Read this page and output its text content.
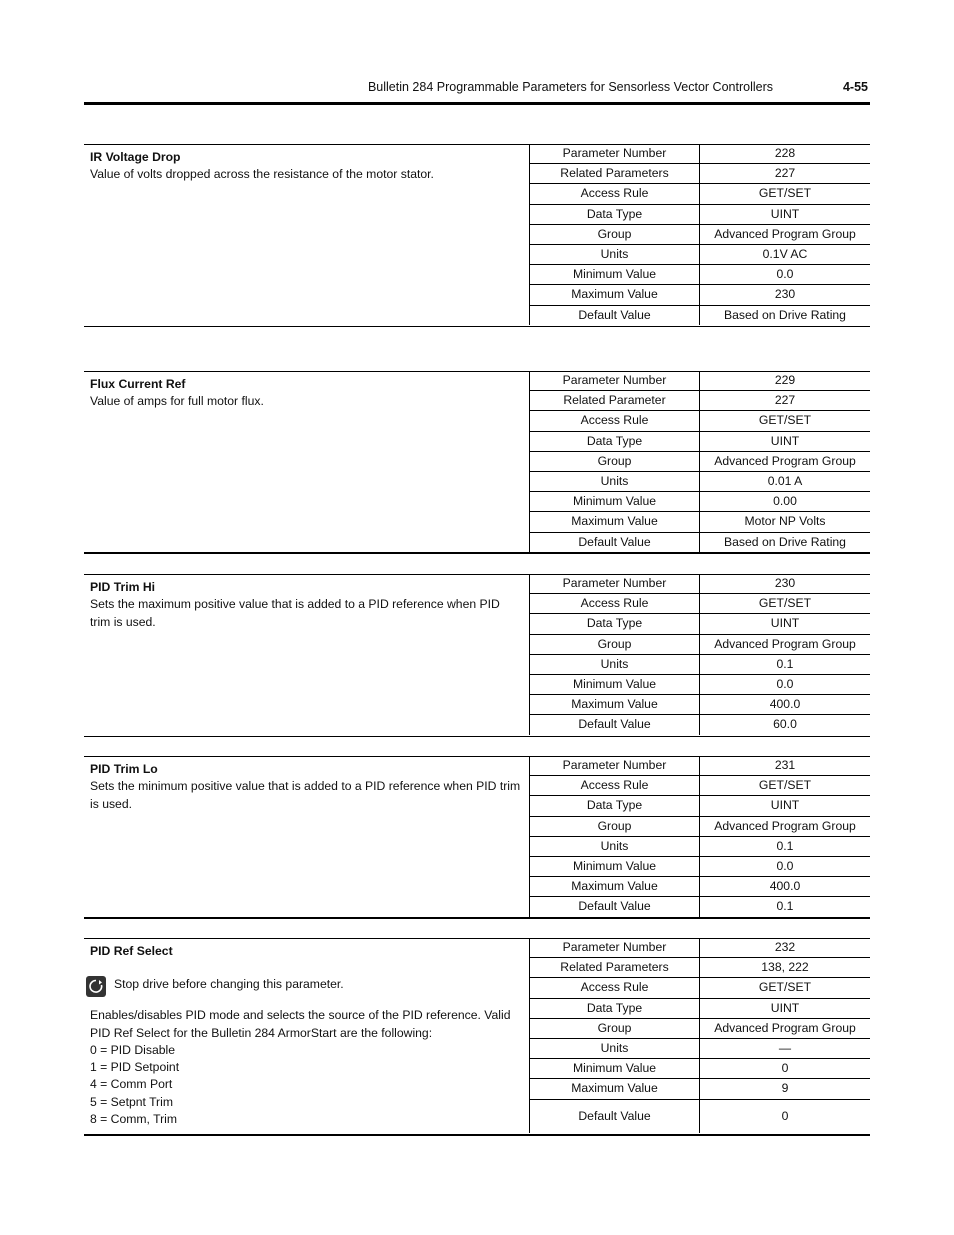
Bulletin 284 Programmable Parameters for Sensorless Vector Controllers	4-55
IR Voltage Drop

Value of volts dropped across the resistance of the motor stator.

Parameter Number	228
Related Parameters	227
Access Rule	GET/SET
Data Type	UINT
Group	Advanced Program Group
Units	0.1V AC
Minimum Value	0.0
Maximum Value	230
Default Value	Based on Drive Rating
Flux Current Ref

Value of amps for full motor flux.

Parameter Number	229
Related Parameter	227
Access Rule	GET/SET
Data Type	UINT
Group	Advanced Program Group
Units	0.01 A
Minimum Value	0.00
Maximum Value	Motor NP Volts
Default Value	Based on Drive Rating
PID Trim Hi

Sets the maximum positive value that is added to a PID reference when PID trim is used.

Parameter Number	230
Access Rule	GET/SET
Data Type	UINT
Group	Advanced Program Group
Units	0.1
Minimum Value	0.0
Maximum Value	400.0
Default Value	60.0
PID Trim Lo

Sets the minimum positive value that is added to a PID reference when PID trim is used.

Parameter Number	231
Access Rule	GET/SET
Data Type	UINT
Group	Advanced Program Group
Units	0.1
Minimum Value	0.0
Maximum Value	400.0
Default Value	0.1
PID Ref Select
Stop drive before changing this parameter.

Enables/disables PID mode and selects the source of the PID reference. Valid PID Ref Select for the Bulletin 284 ArmorStart are the following:

0 = PID Disable

1 = PID Setpoint

4 = Comm Port

5 = Setpnt Trim

8 = Comm, Trim

Parameter Number	232
Related Parameters	138, 222
Access Rule	GET/SET
Data Type	UINT
Group	Advanced Program Group
Units	—
Minimum Value	0
Maximum Value	9
Default Value	0
